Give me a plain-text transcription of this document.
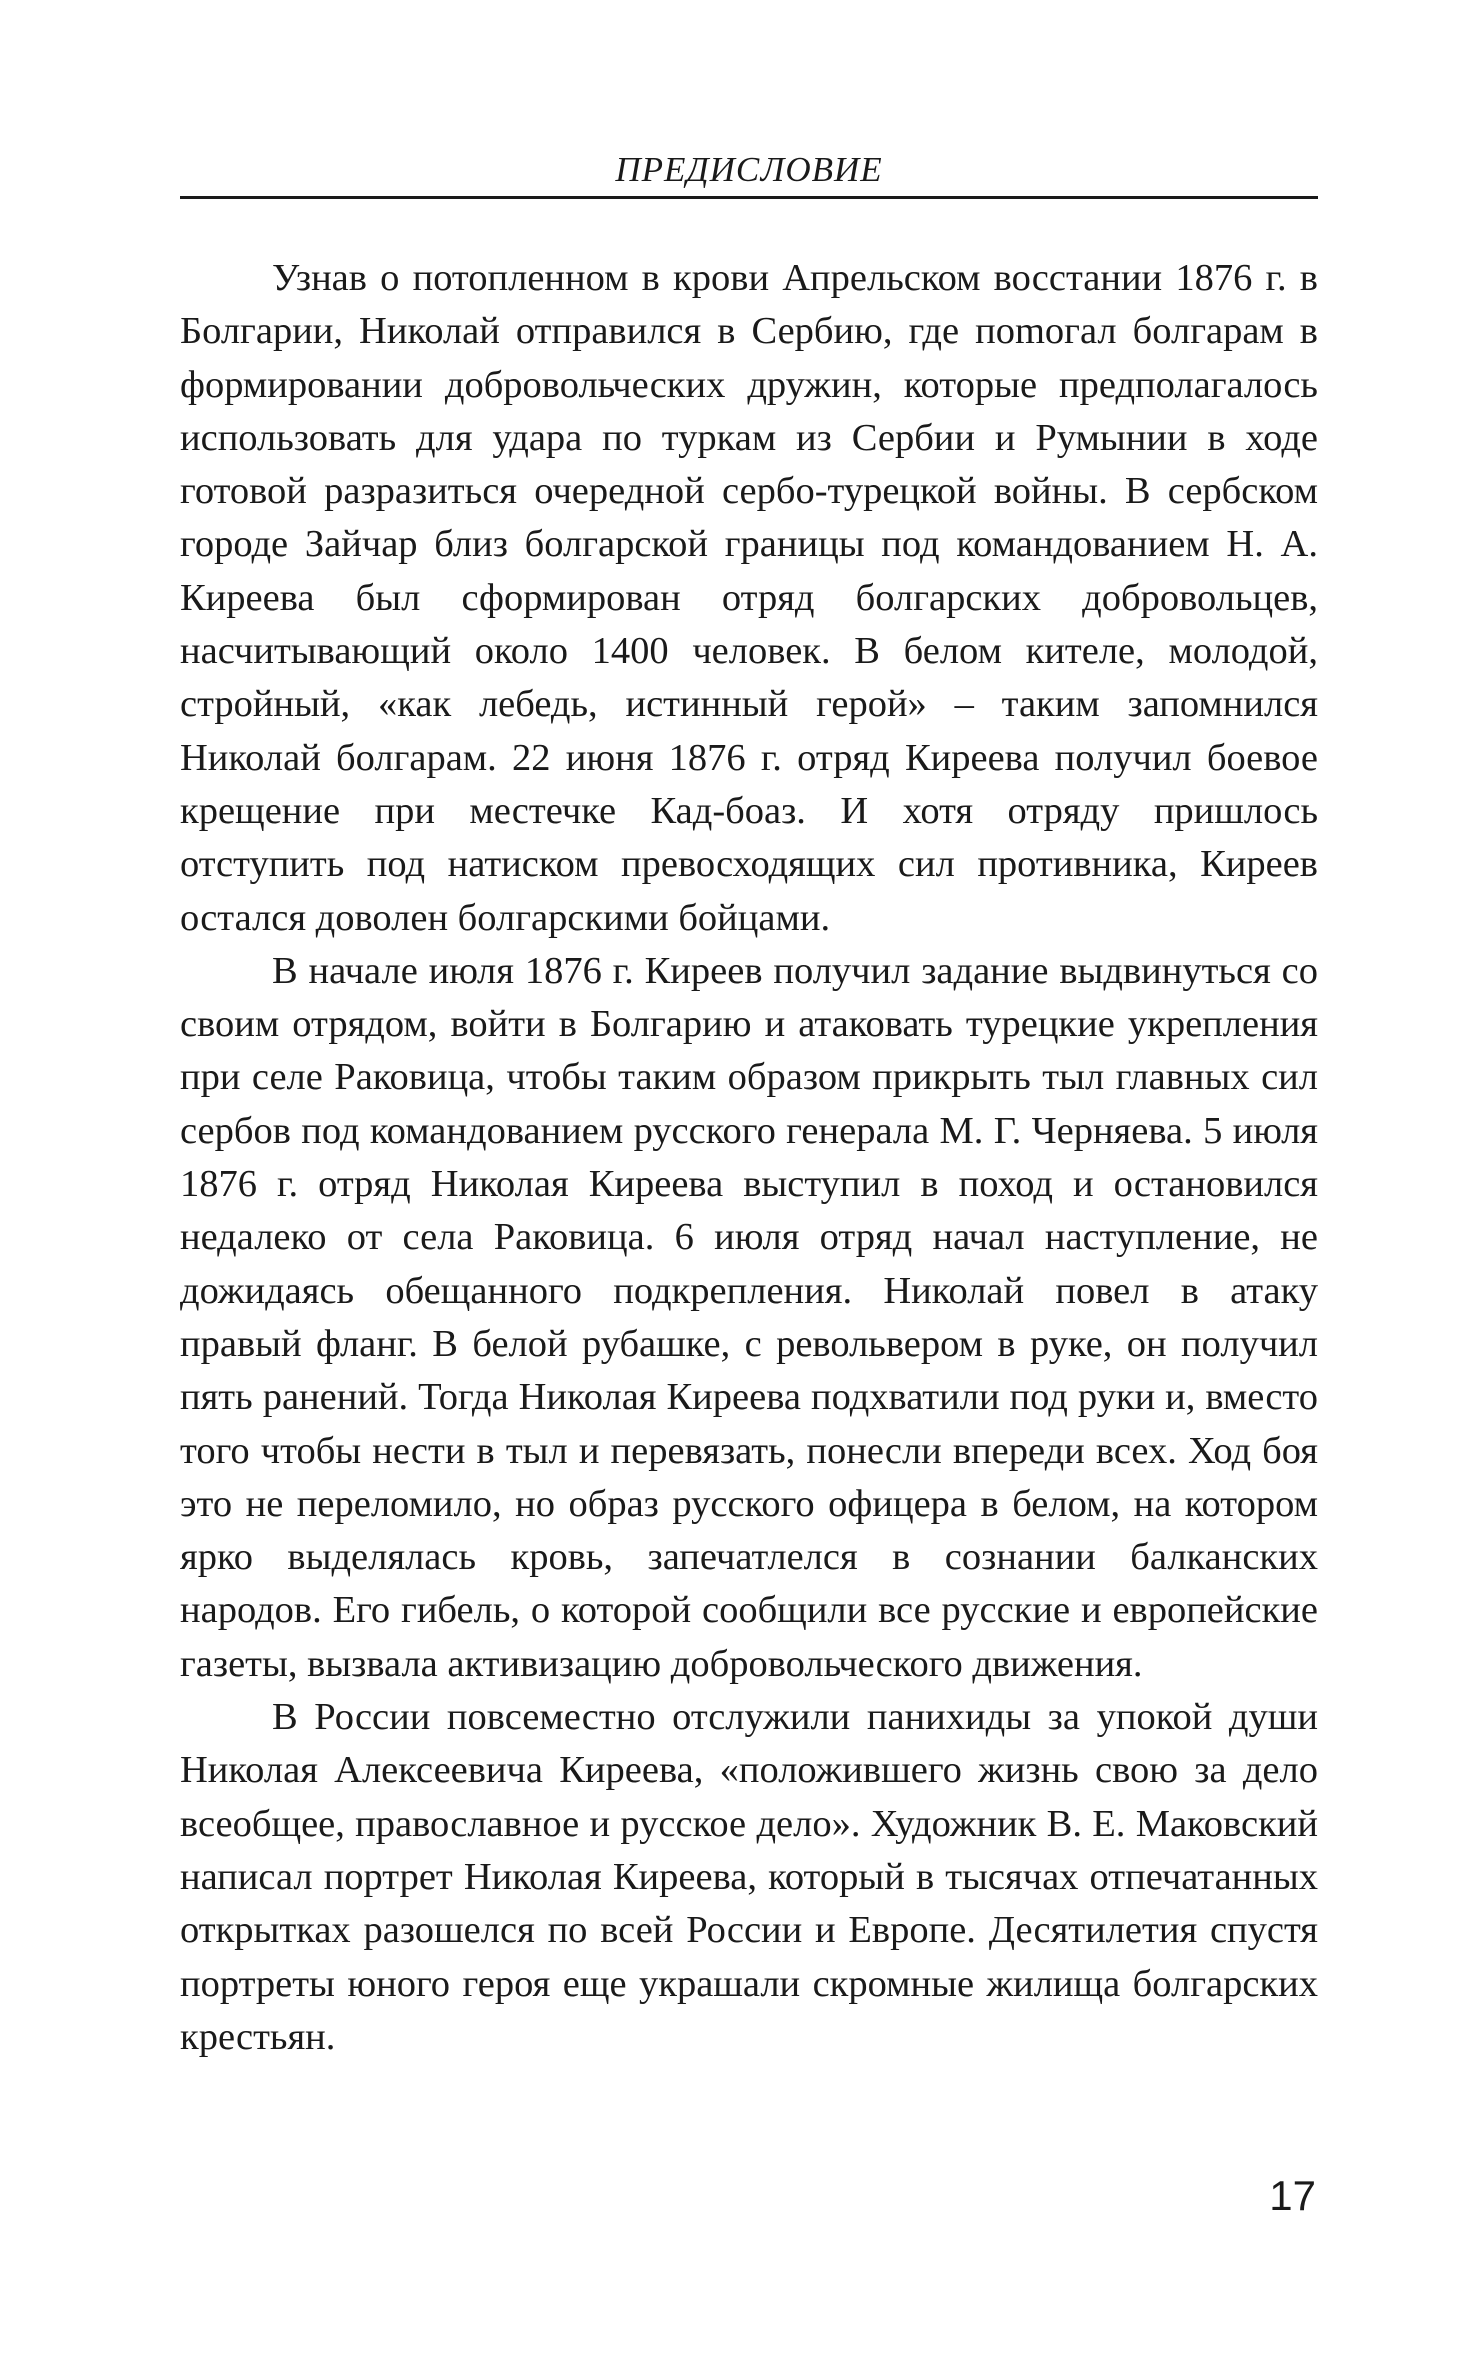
ПРЕДИСЛОВИЕ

Узнав о потопленном в крови Апрельском восстании 1876 г. в Болгарии, Николай отправился в Сербию, где поmогал болгарам в формировании добровольческих дружин, которые предполагалось использовать для удара по туркам из Сербии и Румынии в ходе готовой разразиться очередной сербо-турецкой войны. В сербском городе Зайчар близ болгарской границы под командованием Н. А. Киреева был сформирован отряд болгарских добровольцев, насчитывающий около 1400 человек. В белом кителе, молодой, стройный, «как лебедь, истинный герой» – таким запомнился Николай болгарам. 22 июня 1876 г. отряд Киреева получил боевое крещение при местечке Кад-боаз. И хотя отряду пришлось отступить под натиском превосходящих сил противника, Киреев остался доволен болгарскими бойцами.

В начале июля 1876 г. Киреев получил задание выдвинуться со своим отрядом, войти в Болгарию и атаковать турецкие укрепления при селе Раковица, чтобы таким образом прикрыть тыл главных сил сербов под командованием русского генерала М. Г. Черняева. 5 июля 1876 г. отряд Николая Киреева выступил в поход и остановился недалеко от села Раковица. 6 июля отряд начал наступление, не дожидаясь обещанного подкрепления. Николай повел в атаку правый фланг. В белой рубашке, с револьвером в руке, он получил пять ранений. Тогда Николая Киреева подхватили под руки и, вместо того чтобы нести в тыл и перевязать, понесли впереди всех. Ход боя это не переломило, но образ русского офицера в белом, на котором ярко выделялась кровь, запечатлелся в сознании балканских народов. Его гибель, о которой сообщили все русские и европейские газеты, вызвала активизацию добровольческого движения.

В России повсеместно отслужили панихиды за упокой души Николая Алексеевича Киреева, «положившего жизнь свою за дело всеобщее, православное и русское дело». Художник В. Е. Маковский написал портрет Николая Киреева, который в тысячах отпечатанных открытках разошелся по всей России и Европе. Десятилетия спустя портреты юного героя еще украшали скромные жилища болгарских крестьян.

17
